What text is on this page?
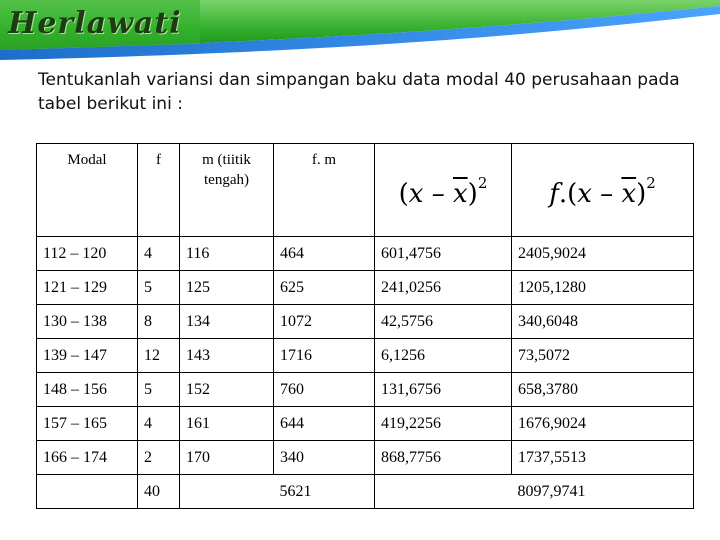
Herlawati
Tentukanlah variansi dan simpangan baku data modal 40 perusahaan pada tabel berikut ini :
Modal	f	m (tiitik tengah)	f. m	$(x - \overline{x})^2$	$f.(x - \overline{x})^2$
112 – 120	4	116	464	601,4756	2405,9024
121 – 129	5	125	625	241,0256	1205,1280
130 – 138	8	134	1072	42,5756	340,6048
139 – 147	12	143	1716	6,1256	73,5072
148 – 156	5	152	760	131,6756	658,3780
157 – 165	4	161	644	419,2256	1676,9024
166 – 174	2	170	340	868,7756	1737,5513
	40		5621		8097,9741
